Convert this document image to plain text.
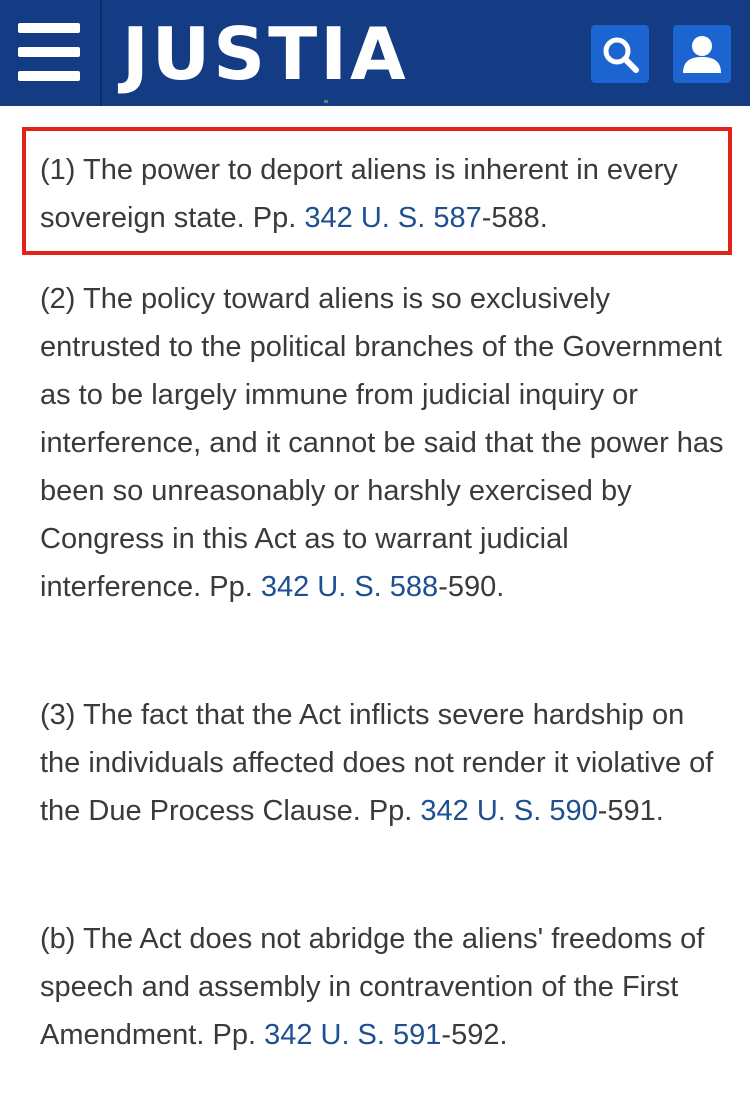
JUSTIA

(1) The power to deport aliens is inherent in every sovereign state. Pp. 342 U. S. 587-588.

(2) The policy toward aliens is so exclusively entrusted to the political branches of the Government as to be largely immune from judicial inquiry or interference, and it cannot be said that the power has been so unreasonably or harshly exercised by Congress in this Act as to warrant judicial interference. Pp. 342 U. S. 588-590.

(3) The fact that the Act inflicts severe hardship on the individuals affected does not render it violative of the Due Process Clause. Pp. 342 U. S. 590-591.

(b) The Act does not abridge the aliens' freedoms of speech and assembly in contravention of the First Amendment. Pp. 342 U. S. 591-592.
